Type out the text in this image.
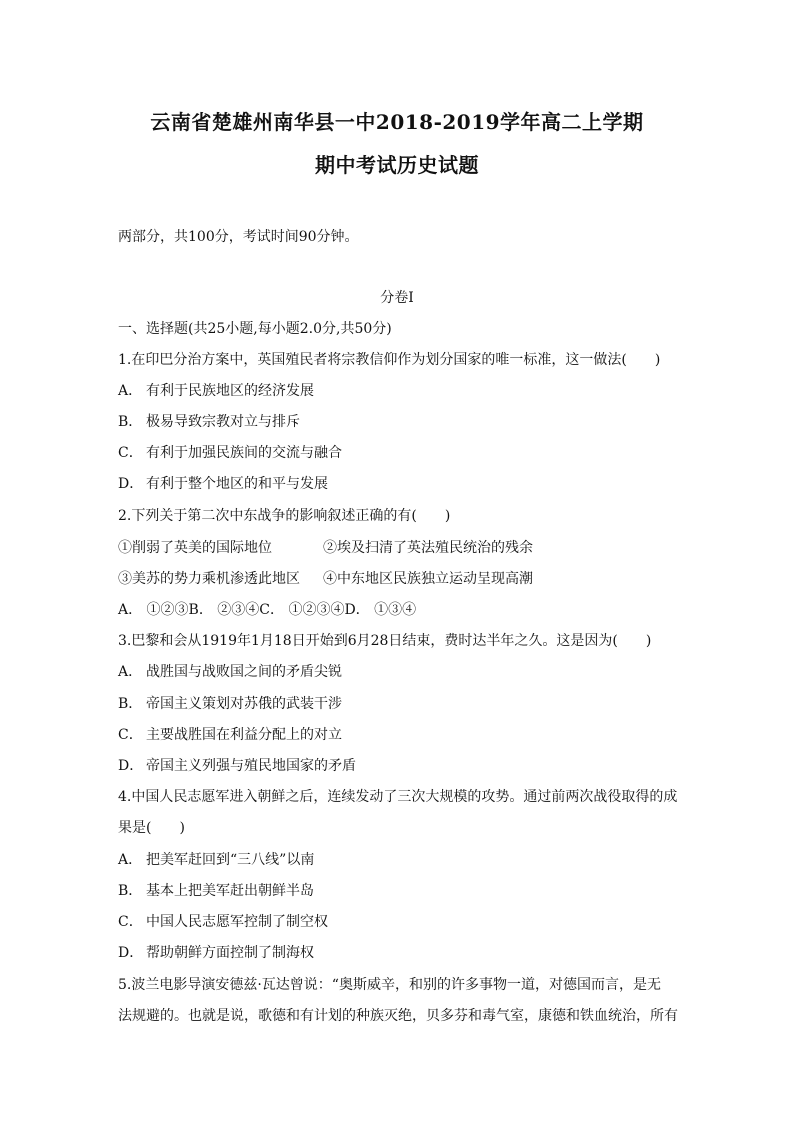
云南省楚雄州南华县一中2018-2019学年高二上学期
期中考试历史试题
两部分，共100分，考试时间90分钟。
分卷I
一、选择题(共25小题,每小题2.0分,共50分)
1.在印巴分治方案中，英国殖民者将宗教信仰作为划分国家的唯一标准，这一做法(　　)
A． 有利于民族地区的经济发展
B． 极易导致宗教对立与排斥
C． 有利于加强民族间的交流与融合
D． 有利于整个地区的和平与发展
2.下列关于第二次中东战争的影响叙述正确的有(　　)
①削弱了英美的国际地位	②埃及扫清了英法殖民统治的残余
③美苏的势力乘机渗透此地区 ④中东地区民族独立运动呈现高潮
A． ①②③B． ②③④C． ①②③④D． ①③④
3.巴黎和会从1919年1月18日开始到6月28日结束，费时达半年之久。这是因为(　　)
A． 战胜国与战败国之间的矛盾尖锐
B． 帝国主义策划对苏俄的武装干涉
C． 主要战胜国在利益分配上的对立
D． 帝国主义列强与殖民地国家的矛盾
4.中国人民志愿军进入朝鲜之后，连续发动了三次大规模的攻势。通过前两次战役取得的成
果是(　　)
A． 把美军赶回到“三八线”以南
B． 基本上把美军赶出朝鲜半岛
C． 中国人民志愿军控制了制空权
D． 帮助朝鲜方面控制了制海权
5.波兰电影导演安德兹·瓦达曾说：“奥斯威辛，和别的许多事物一道，对德国而言，是无
法规避的。也就是说，歌德和有计划的种族灭绝，贝多芬和毒气室，康德和铁血统治，所有
